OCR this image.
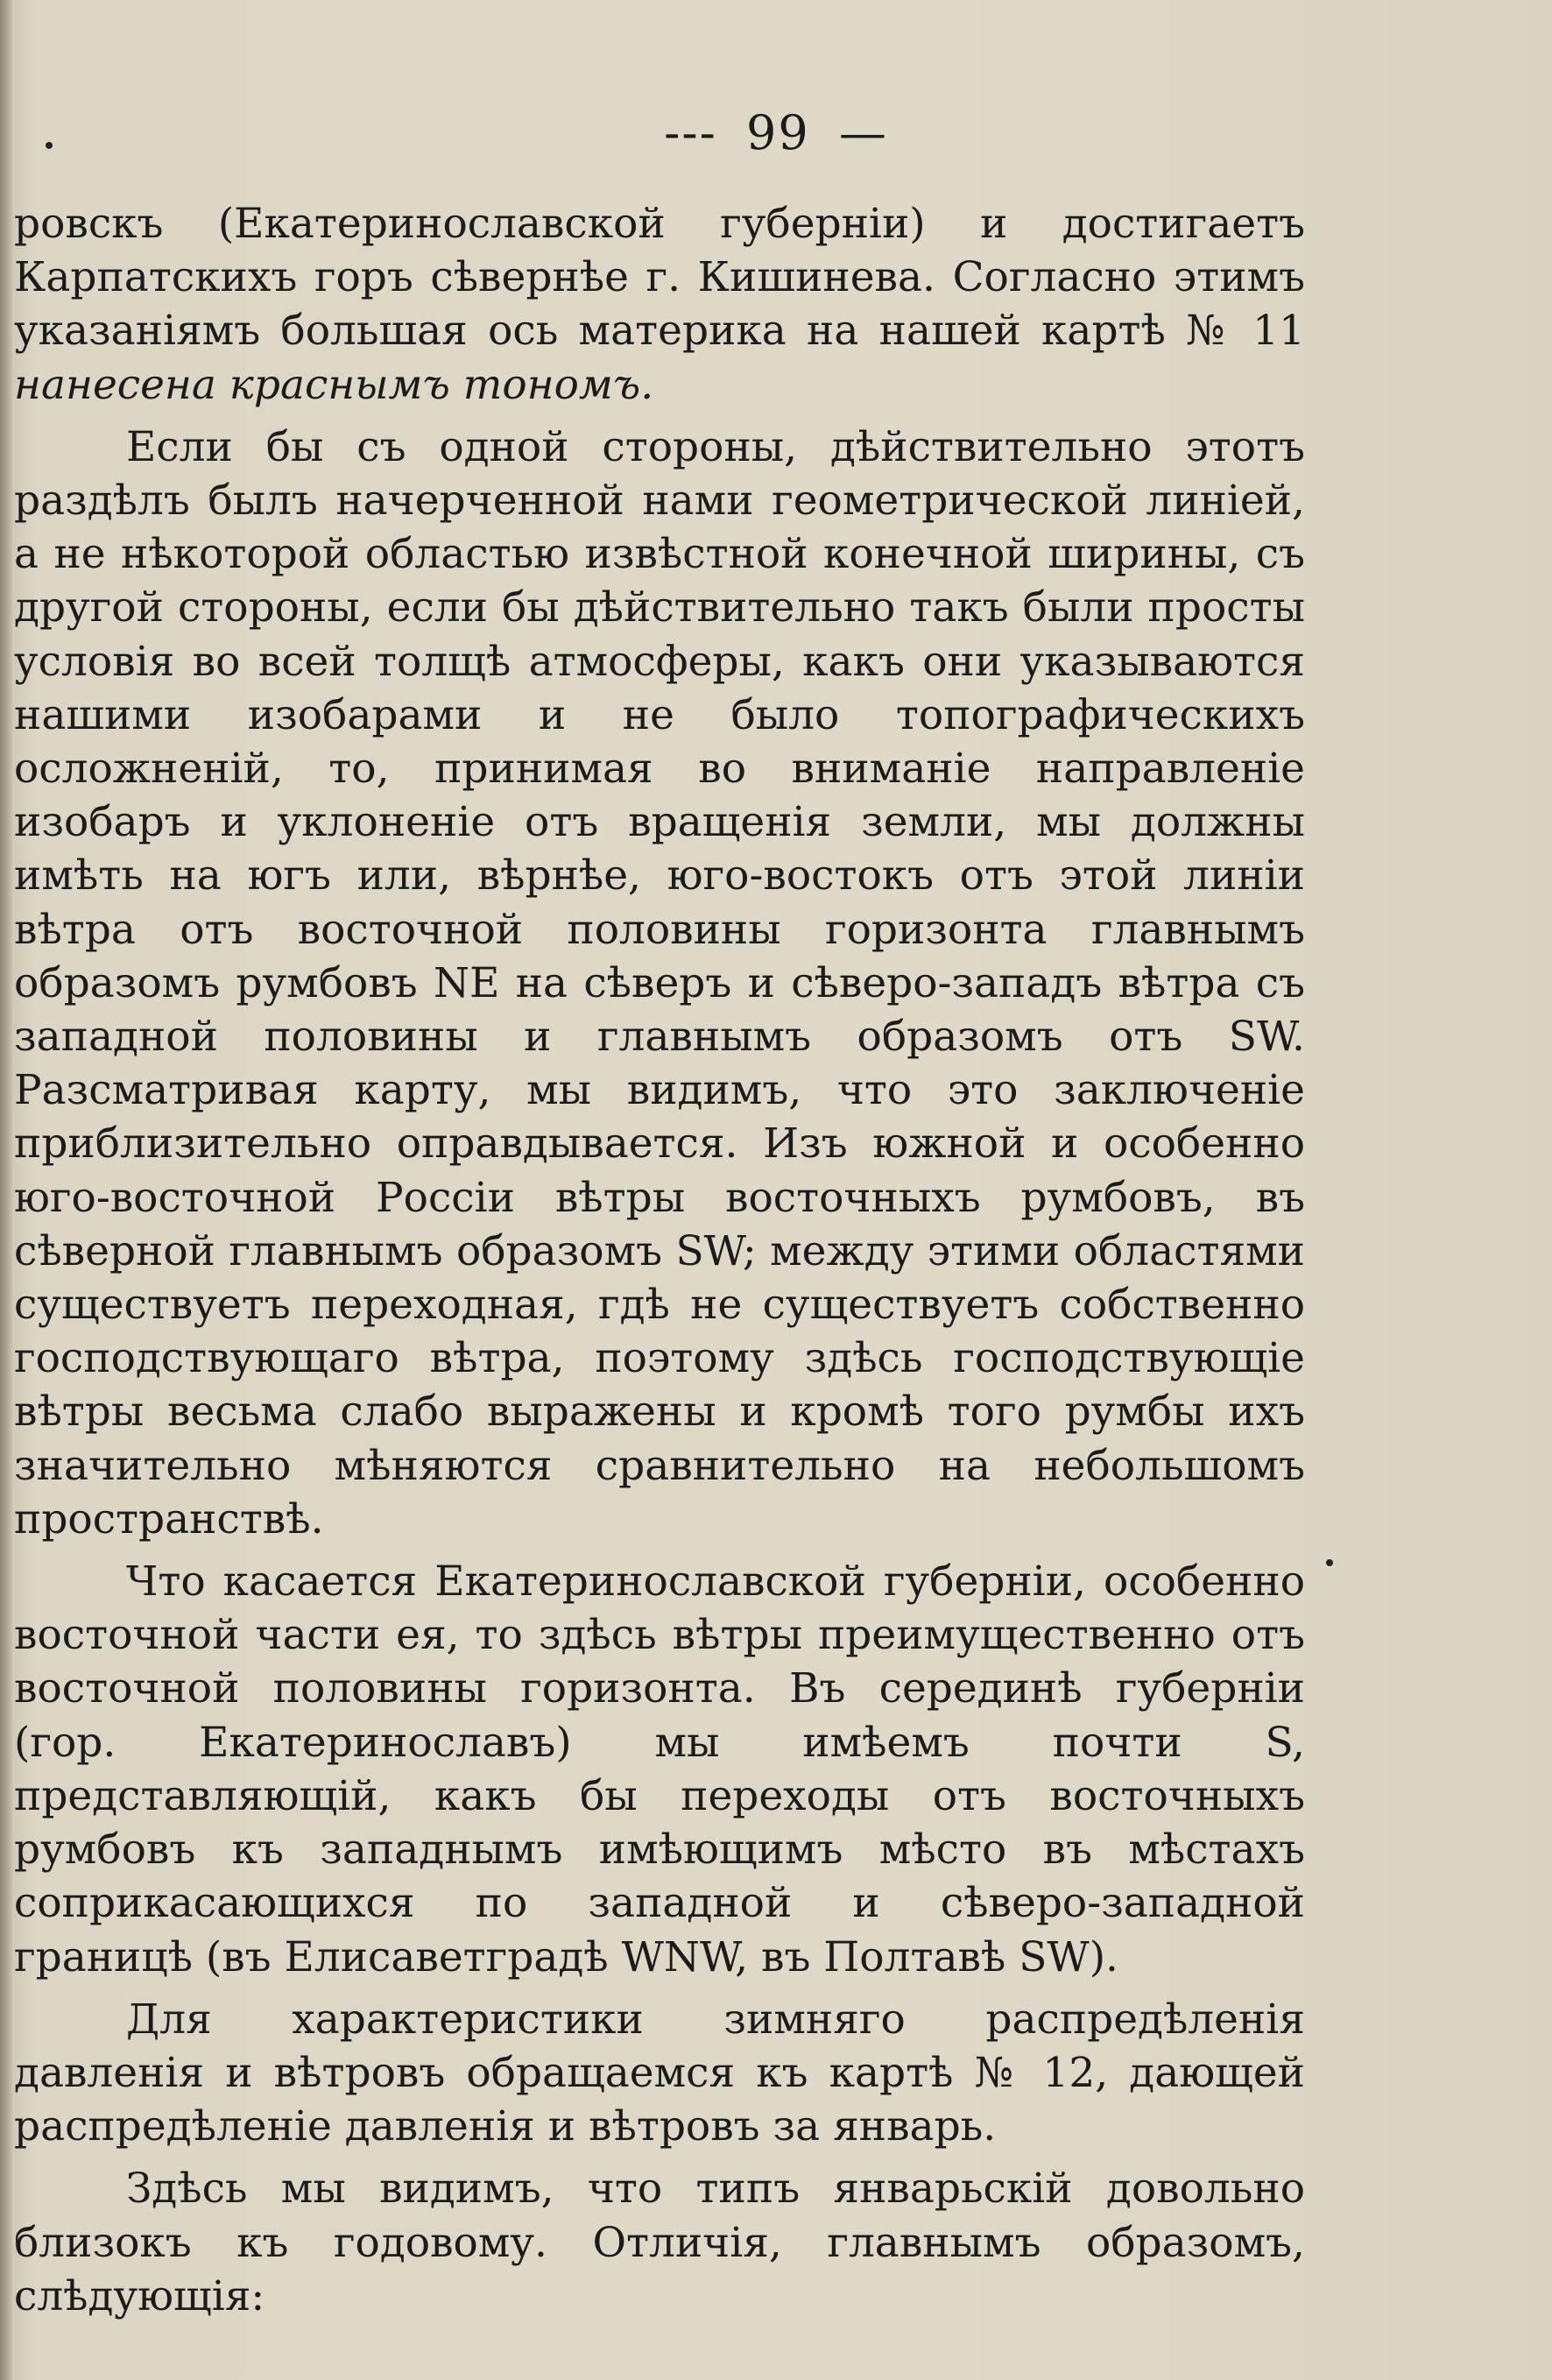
--- 99 —

ровскъ (Екатеринославской губерніи) и достигаетъ Карпатскихъ горъ сѣвернѣе г. Кишинева. Согласно этимъ указаніямъ большая ось материка на нашей картѣ № 11 нанесена краснымъ тономъ.

Если бы съ одной стороны, дѣйствительно этотъ раздѣлъ былъ начерченной нами геометрической линіей, а не нѣкоторой областью извѣстной конечной ширины, съ другой стороны, если бы дѣйствительно такъ были просты условія во всей толщѣ атмосферы, какъ они указываются нашими изобарами и не было топографическихъ осложненій, то, принимая во вниманіе направленіе изобаръ и уклоненіе отъ вращенія земли, мы должны имѣть на югъ или, вѣрнѣе, юго-востокъ отъ этой линіи вѣтра отъ восточной половины горизонта главнымъ образомъ румбовъ NE на сѣверъ и сѣверо-западъ вѣтра съ западной половины и главнымъ образомъ отъ SW. Разсматривая карту, мы видимъ, что это заключеніе приблизительно оправдывается. Изъ южной и особенно юго-восточной Россіи вѣтры восточныхъ румбовъ, въ сѣверной главнымъ образомъ SW; между этими областями существуетъ переходная, гдѣ не существуетъ собственно господствующаго вѣтра, поэтому здѣсь господствующіе вѣтры весьма слабо выражены и кромѣ того румбы ихъ значительно мѣняются сравнительно на небольшомъ пространствѣ.

Что касается Екатеринославской губерніи, особенно восточной части ея, то здѣсь вѣтры преимущественно отъ восточной половины горизонта. Въ серединѣ губерніи (гор. Екатеринославъ) мы имѣемъ почти S, представляющій, какъ бы переходы отъ восточныхъ румбовъ къ западнымъ имѣющимъ мѣсто въ мѣстахъ соприкасающихся по западной и сѣверо-западной границѣ (въ Елисаветградѣ WNW, въ Полтавѣ SW).

Для характеристики зимняго распредѣленія давленія и вѣтровъ обращаемся къ картѣ № 12, дающей распредѣленіе давленія и вѣтровъ за январь.

Здѣсь мы видимъ, что типъ январьскій довольно близокъ къ годовому. Отличія, главнымъ образомъ, слѣдующія:
